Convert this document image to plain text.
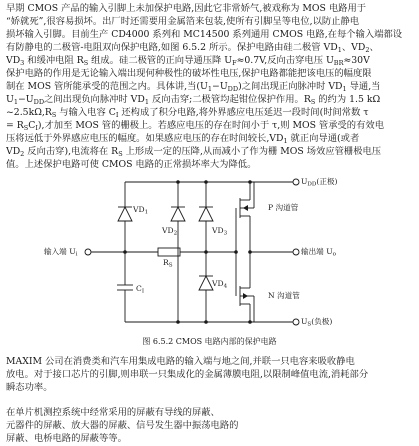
早期 CMOS 产品的输入引脚上未加保护电路,因此它非常娇气,被戏称为 MOS 电路用于
“娇就死”,很容易损坏。出厂时还需要用金属箔来包装,使所有引脚呈等电位,以防止静电
损坏输入引脚。目前生产 CD4000 系列和 MC14500 系列通用 CMOS 电路,在每个输入端都设
有防静电的二极管-电阻双向保护电路,如图 6.5.2 所示。保护电路由硅二极管 $VD_1$、$VD_2$、
$VD_3$ 和缓冲电阻 $R_S$ 组成。硅二极管的正向导通压降 $U_F\approx 0.7V$,反向击穿电压 $U_{BR}\approx 30V$
保护电路的作用是无论输入端出现何种极性的破坏性电压,保护电路都能把该电压的幅度限
制在 MOS 管所能承受的范围之内。具体讲,当$(U_1-U_{DD})$之间出现正向脉冲时 $VD_1$ 导通,当
$U_1-U_{DD}$之间出现负向脉冲时 $VD_1$ 反向击穿;二极管均起钳位保护作用。$R_S$ 的约为 1.5 kΩ
$\sim 2.5k\Omega,R_S$ 与输入电容 $C_I$ 还构成了积分电路,将外界感应电压延迟一段时间(时间常数 τ
= $R_SC_I$),才加至 MOS 管的栅极上。若感应电压的存在时间小于 τ,则 MOS 管承受的有效电
压将远低于外界感应电压的幅度。如果感应电压的存在时间较长$,VD_1$ 就正向导通(或者
$VD_2$ 反向击穿),电流将在 $R_S$ 上形成一定的压降,从而减小了作为栅 MOS 场效应管栅极电压
值。上述保护电路可使 CMOS 电路的正常损坏率大为降低。
$U_{DD}$(正极)
$VD_1$
$VD_2$	$VD_3$
$VD_4$
$R_S$
$C_I$
输入端 $U_i$	输出端 $U_o$
P 沟道管
N 沟道管
$U_S$(负极)
图 6.5.2 CMOS 电路内部的保护电路
MAXIM 公司在消费类和汽车用集成电路的输入端与地之间,并联一只电容来吸收静电
放电。对于接口芯片的引脚,则串联一只集成化的金属薄膜电阻,以限制峰值电流,消耗部分
瞬态功率。
在单片机测控系统中经常采用的屏蔽有导线的屏蔽、
元器件的屏蔽、放大器的屏蔽、信号发生器中振荡电路的
屏蔽、电桥电路的屏蔽等等。
